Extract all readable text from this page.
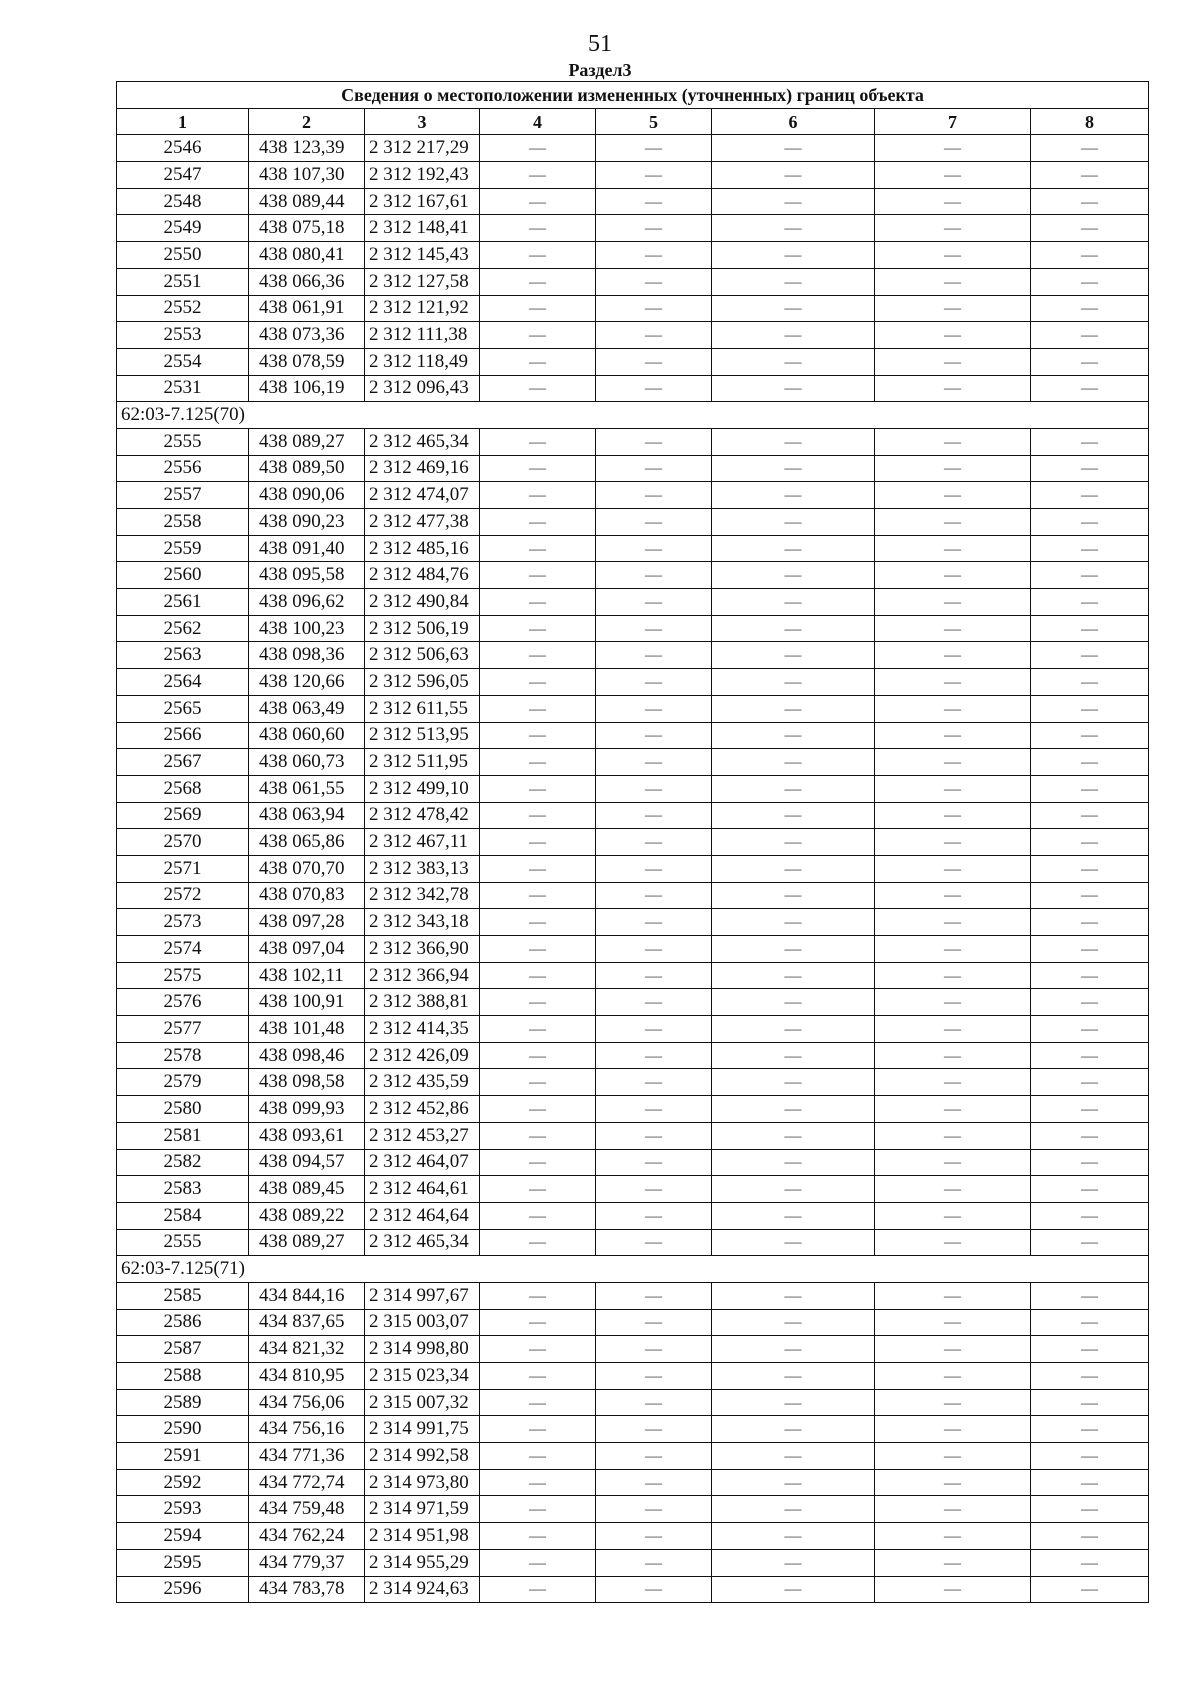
51
Раздел3
Сведения о местоположении измененных (уточненных) границ объекта							
1	2	3	4	5	6	7	8
2546	438 123,39	2 312 217,29	—	—	—	—	—
2547	438 107,30	2 312 192,43	—	—	—	—	—
2548	438 089,44	2 312 167,61	—	—	—	—	—
2549	438 075,18	2 312 148,41	—	—	—	—	—
2550	438 080,41	2 312 145,43	—	—	—	—	—
2551	438 066,36	2 312 127,58	—	—	—	—	—
2552	438 061,91	2 312 121,92	—	—	—	—	—
2553	438 073,36	2 312 111,38	—	—	—	—	—
2554	438 078,59	2 312 118,49	—	—	—	—	—
2531	438 106,19	2 312 096,43	—	—	—	—	—
62:03-7.125(70)							
2555	438 089,27	2 312 465,34	—	—	—	—	—
2556	438 089,50	2 312 469,16	—	—	—	—	—
2557	438 090,06	2 312 474,07	—	—	—	—	—
2558	438 090,23	2 312 477,38	—	—	—	—	—
2559	438 091,40	2 312 485,16	—	—	—	—	—
2560	438 095,58	2 312 484,76	—	—	—	—	—
2561	438 096,62	2 312 490,84	—	—	—	—	—
2562	438 100,23	2 312 506,19	—	—	—	—	—
2563	438 098,36	2 312 506,63	—	—	—	—	—
2564	438 120,66	2 312 596,05	—	—	—	—	—
2565	438 063,49	2 312 611,55	—	—	—	—	—
2566	438 060,60	2 312 513,95	—	—	—	—	—
2567	438 060,73	2 312 511,95	—	—	—	—	—
2568	438 061,55	2 312 499,10	—	—	—	—	—
2569	438 063,94	2 312 478,42	—	—	—	—	—
2570	438 065,86	2 312 467,11	—	—	—	—	—
2571	438 070,70	2 312 383,13	—	—	—	—	—
2572	438 070,83	2 312 342,78	—	—	—	—	—
2573	438 097,28	2 312 343,18	—	—	—	—	—
2574	438 097,04	2 312 366,90	—	—	—	—	—
2575	438 102,11	2 312 366,94	—	—	—	—	—
2576	438 100,91	2 312 388,81	—	—	—	—	—
2577	438 101,48	2 312 414,35	—	—	—	—	—
2578	438 098,46	2 312 426,09	—	—	—	—	—
2579	438 098,58	2 312 435,59	—	—	—	—	—
2580	438 099,93	2 312 452,86	—	—	—	—	—
2581	438 093,61	2 312 453,27	—	—	—	—	—
2582	438 094,57	2 312 464,07	—	—	—	—	—
2583	438 089,45	2 312 464,61	—	—	—	—	—
2584	438 089,22	2 312 464,64	—	—	—	—	—
2555	438 089,27	2 312 465,34	—	—	—	—	—
62:03-7.125(71)							
2585	434 844,16	2 314 997,67	—	—	—	—	—
2586	434 837,65	2 315 003,07	—	—	—	—	—
2587	434 821,32	2 314 998,80	—	—	—	—	—
2588	434 810,95	2 315 023,34	—	—	—	—	—
2589	434 756,06	2 315 007,32	—	—	—	—	—
2590	434 756,16	2 314 991,75	—	—	—	—	—
2591	434 771,36	2 314 992,58	—	—	—	—	—
2592	434 772,74	2 314 973,80	—	—	—	—	—
2593	434 759,48	2 314 971,59	—	—	—	—	—
2594	434 762,24	2 314 951,98	—	—	—	—	—
2595	434 779,37	2 314 955,29	—	—	—	—	—
2596	434 783,78	2 314 924,63	—	—	—	—	—
